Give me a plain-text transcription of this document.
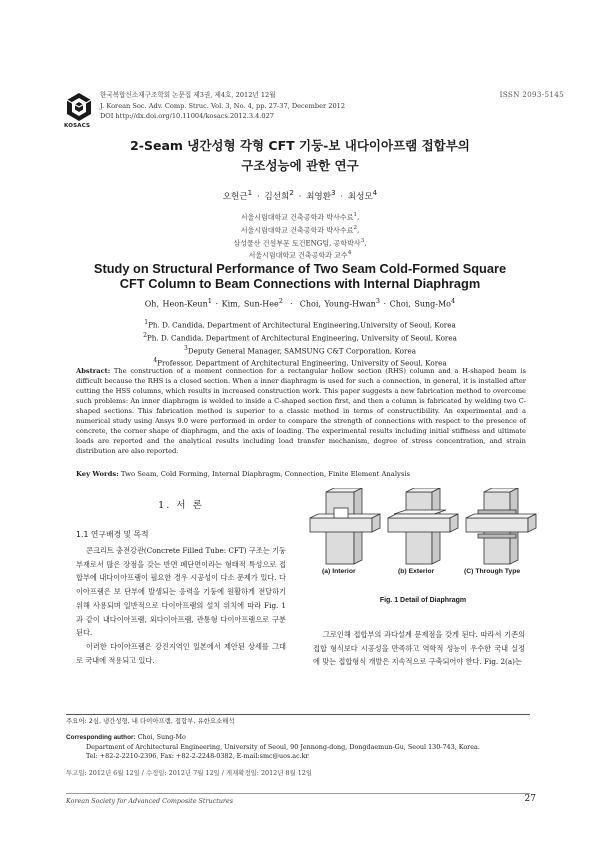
KOSACS
한국복합신소재구조학회 논문집 제3권, 제4호, 2012년 12월
J. Korean Soc. Adv. Comp. Struc. Vol. 3, No. 4, pp. 27-37, December 2012
DOI http://dx.doi.org/10.11004/kosacs.2012.3.4.027
ISSN 2093-5145
2-Seam 냉간성형 각형 CFT 기둥-보 내다이아프램 접합부의
구조성능에 관한 연구
오헌근$^1$ · 김선희$^2$ · 최영환$^3$ · 최성모$^4$
서울시립대학교 건축공학과 박사수료$^1$,
서울시립대학교 건축공학과 박사수료$^2$,
삼성물산 건설부문 토건ENG팀, 공학박사$^3$,
서울시립대학교 건축공학과 교수$^4$
Study on Structural Performance of Two Seam Cold-Formed Square
CFT Column to Beam Connections with Internal Diaphragm
Oh, Heon-Keun$^1$ · Kim, Sun-Hee$^2$ · Choi, Young-Hwan$^3$ · Choi, Sung-Mo$^4$
$^1$Ph. D. Candida, Department of Architectural Engineering,University of Seoul, Korea
$^2$Ph. D. Candida, Department of Architectural Engineering, University of Seoul, Korea
$^3$Deputy General Manager, SAMSUNG C&T Corporation, Korea
$^4$Professor, Department of Architectural Engineering, University of Seoul, Korea
Abstract: The construction of a moment connection for a rectangular hollow section (RHS) column and a H-shaped beam is difficult because the RHS is a closed section. When a inner diaphragm is used for such a connection, in general, it is installed after cutting the HSS columns, which results in increased construction work. This paper suggests a new fabrication method to overcome such problems: An inner diaphragm is welded to inside a C-shaped section first, and then a column is fabricated by welding two C-shaped sections. This fabrication method is superior to a classic method in terms of constructibility. An experimental and a numerical study using Ansys 9.0 were performed in order to compare the strength of connections with respect to the presence of concrete, the corner shape of diaphragm, and the axis of loading. The experimental results including initial stiffness and ultimate loads are reported and the analytical results including load transfer mechanism, degree of stress concentration, and strain distribution are also reported.
Key Words: Two Seam, Cold Forming, Internal Diaphragm, Connection, Finite Element Analysis
1. 서 론
1.1 연구배경 및 목적

콘크리트 충전강관(Concrete Filled Tube: CFT) 구조는 기둥부재로서 많은 장점을 갖는 반면 폐단면이라는 형태적 특성으로 접합부에 내다이아프램이 필요한 경우 시공성이 다소 문제가 있다. 다이아프램은 보 단부에 발생되는 응력을 기둥에 원활하게 전달하기 위해 사용되며 일반적으로 다이아프램의 설치 위치에 따라 Fig. 1과 같이 내다이아프램, 외다이아프램, 관통형 다이아프램으로 구분된다.

이러한 다이아프램은 강진지역인 일본에서 제안된 상세를 그대로 국내에 적용되고 있다.

(a) Interior	(b) Exterior	(C) Through Type
Fig. 1 Detail of Diaphragm
그로인해 접합부의 과다설계 문제점을 갖게 된다. 따라서 기존의 접합 형식보다 시공성을 만족하고 역학적 성능이 우수한 국내 실정에 맞는 접합형식 개발은 지속적으로 구축되어야 한다. Fig. 2(a)는
주요어: 2심, 냉간성형, 내 다이아프램, 접합부, 유한요소해석
Corresponding author: Choi, Sung-Mo
Department of Architectural Engineering, University of Seoul, 90 Jennong-dong, Dongdaemun-Gu, Seoul 130-743, Korea.
Tel: +82-2-2210-2396, Fax: +82-2-2248-0382, E-mail:smc@uos.ac.kr
투고일: 2012년 6월 12일 / 수정일: 2012년 7월 12일 / 게재확정일: 2012년 8월 12일
Korean Society for Advanced Composite Structures	27
